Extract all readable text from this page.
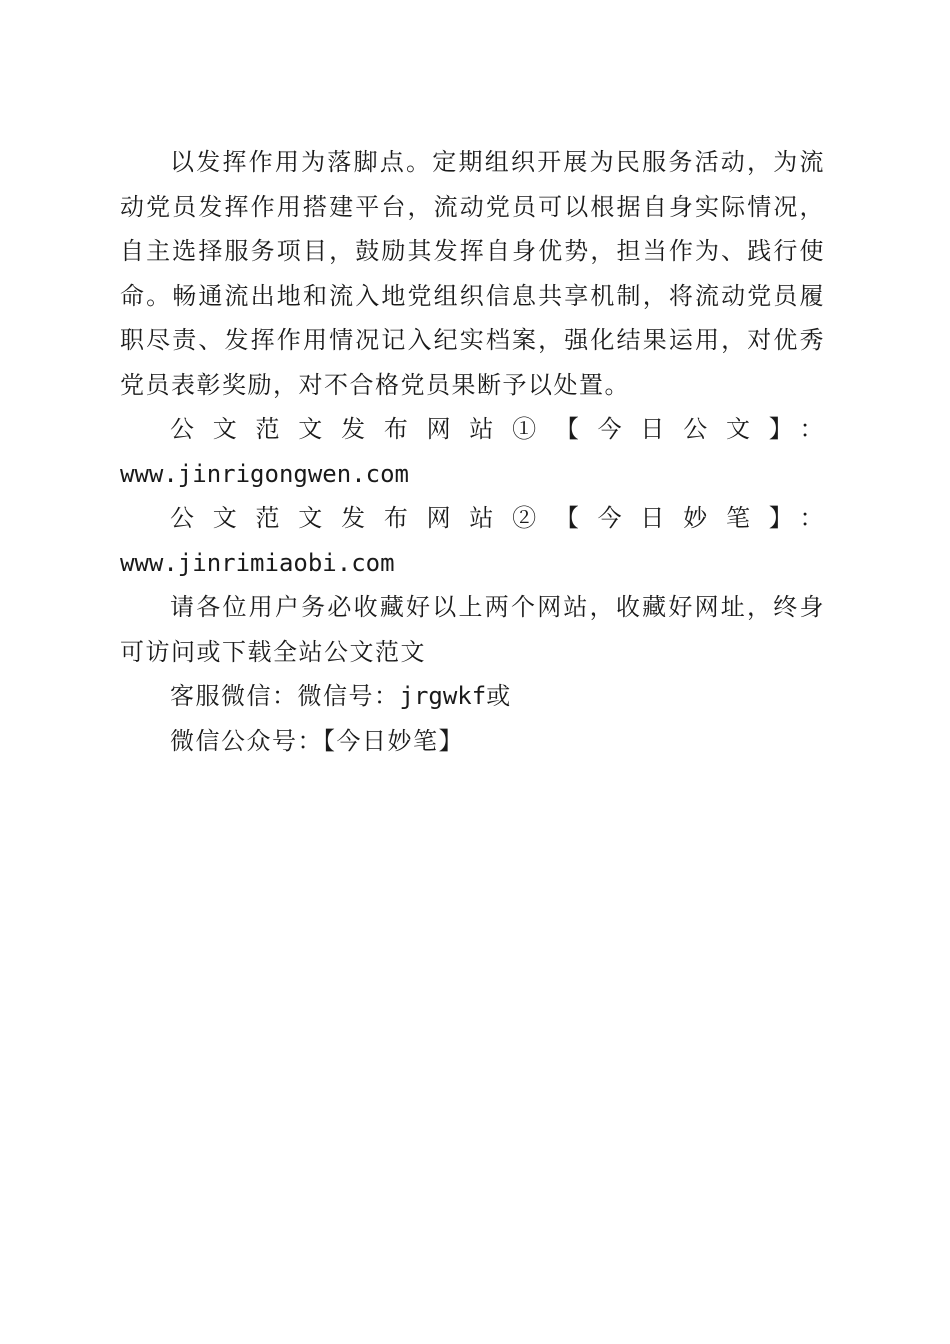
以发挥作用为落脚点。定期组织开展为民服务活动，为流动党员发挥作用搭建平台，流动党员可以根据自身实际情况，自主选择服务项目，鼓励其发挥自身优势，担当作为、践行使命。畅通流出地和流入地党组织信息共享机制，将流动党员履职尽责、发挥作用情况记入纪实档案，强化结果运用，对优秀党员表彰奖励，对不合格党员果断予以处置。

公文范文发布网站①【今日公文】：

www.jinrigongwen.com

公文范文发布网站②【今日妙笔】：www.jinrimiaobi.com

请各位用户务必收藏好以上两个网站，收藏好网址，终身可访问或下载全站公文范文

客服微信：微信号：jrgwkf或

微信公众号：【今日妙笔】
